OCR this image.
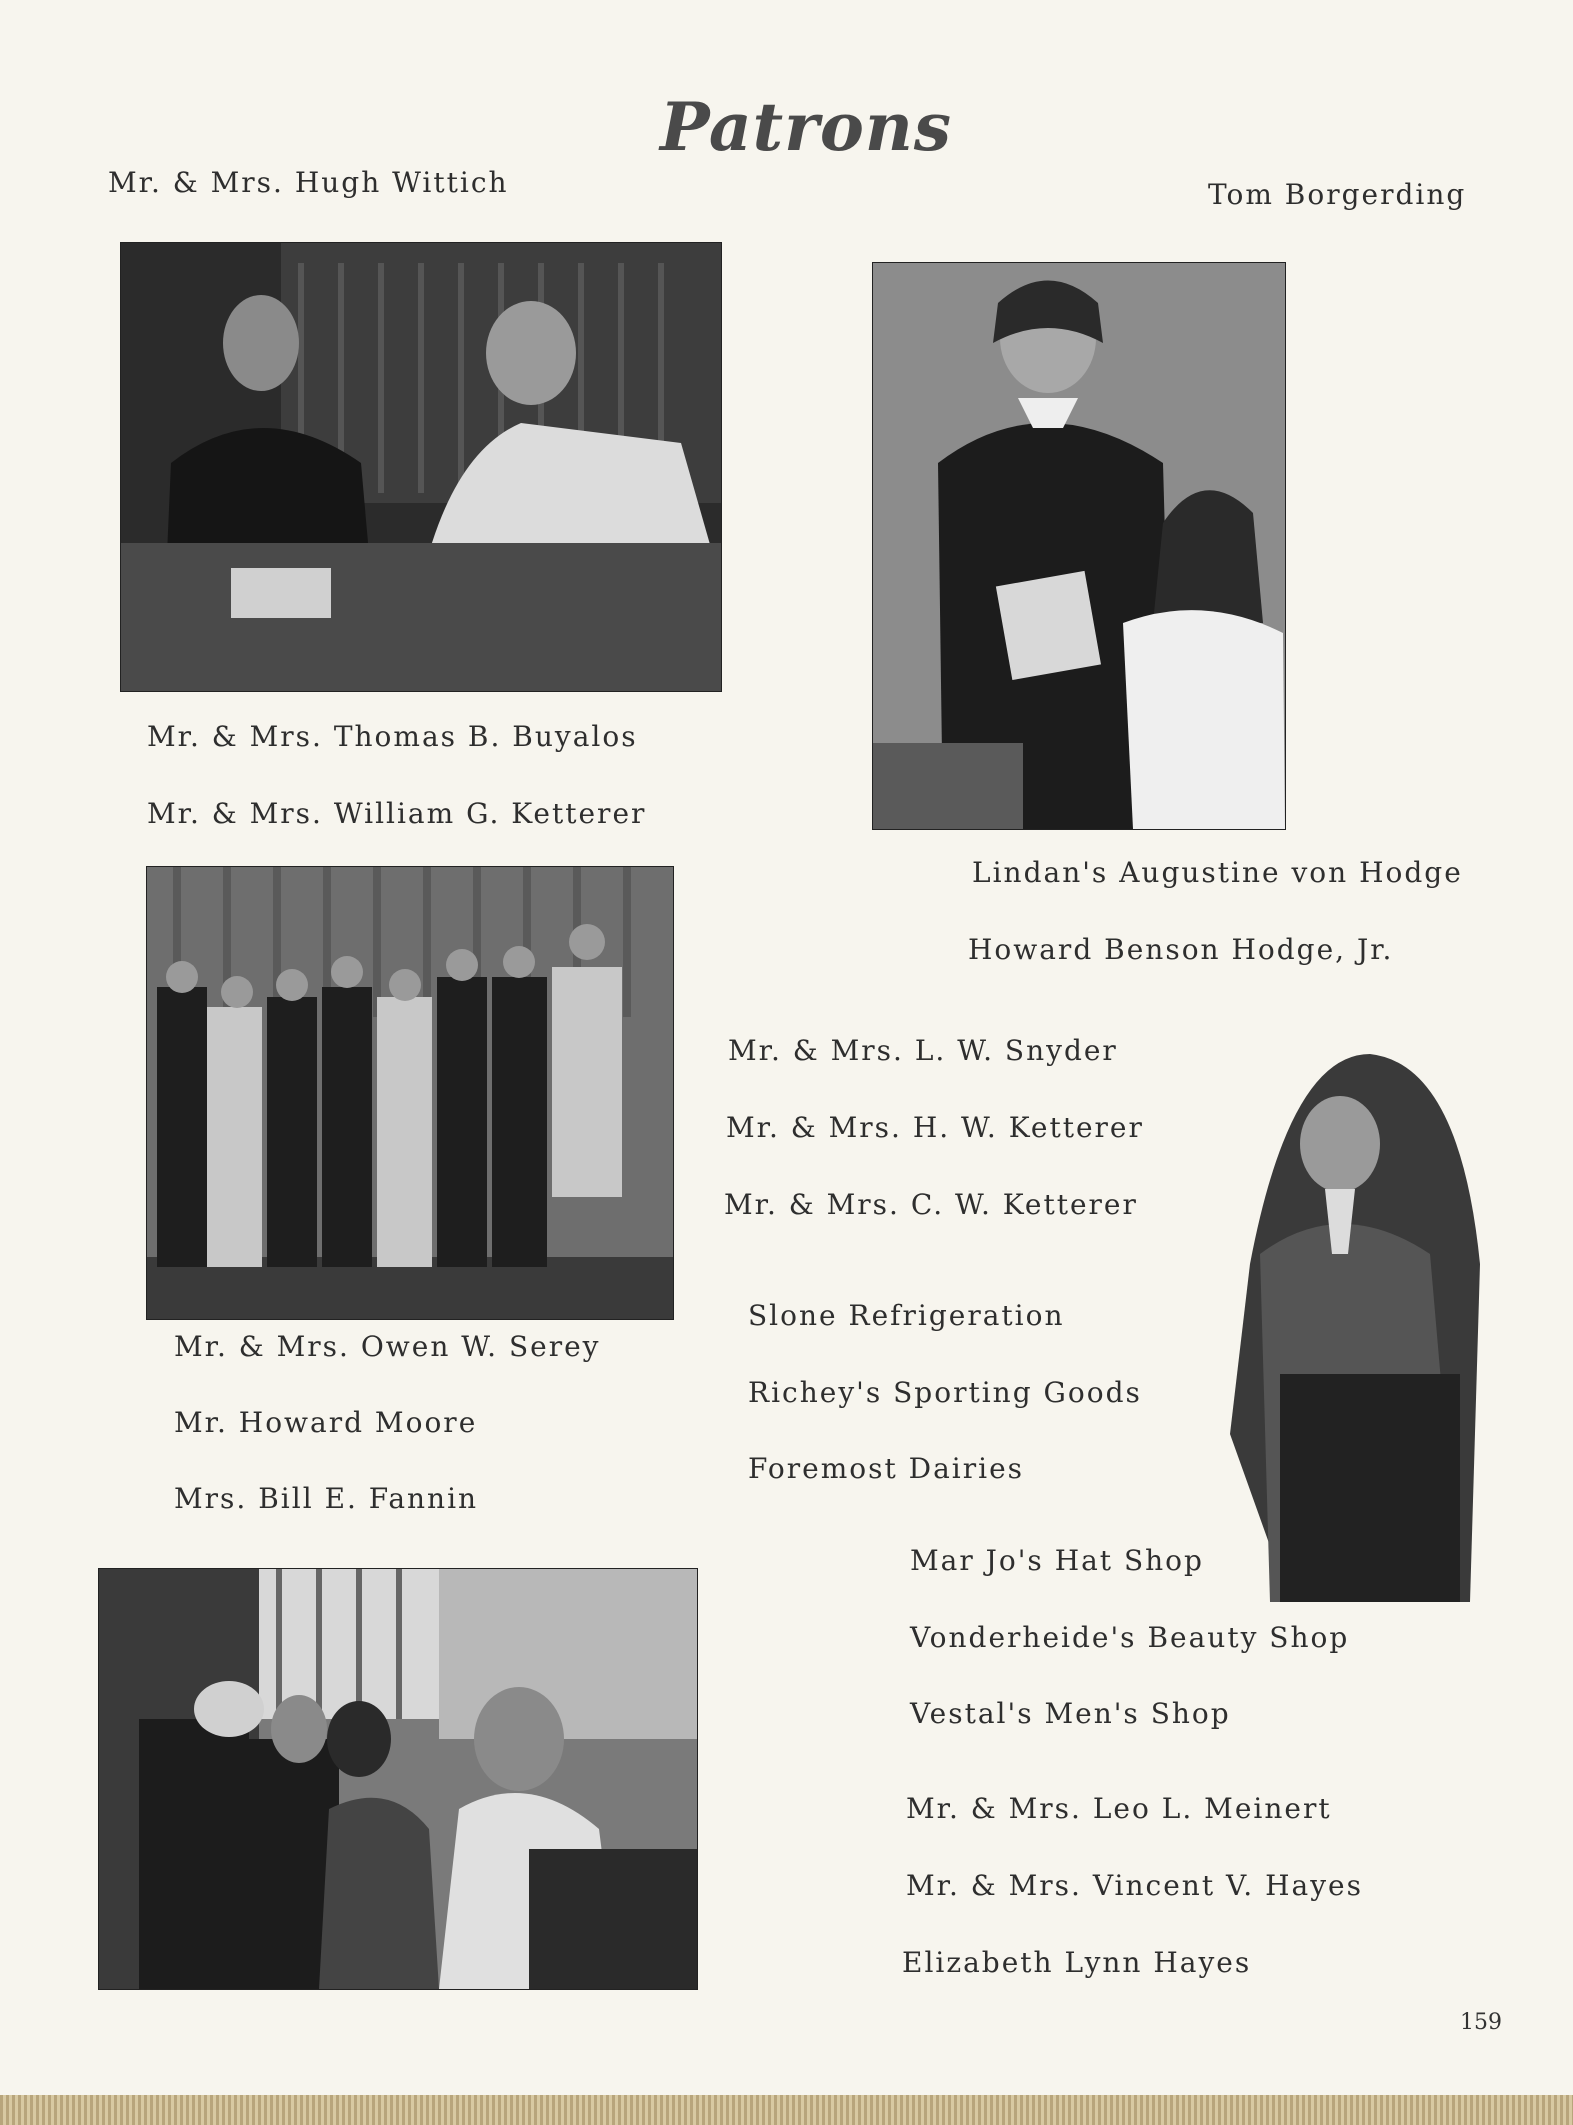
Patrons
Mr. & Mrs. Hugh Wittich	Tom Borgerding
Mr. & Mrs. Thomas B. Buyalos
Mr. & Mrs. William G. Ketterer
Lindan's Augustine von Hodge
Howard Benson Hodge, Jr.
Mr. & Mrs. L. W. Snyder
Mr. & Mrs. H. W. Ketterer
Mr. & Mrs. C. W. Ketterer
Mr. & Mrs. Owen W. Serey
Mr. Howard Moore
Mrs. Bill E. Fannin
Slone Refrigeration
Richey's Sporting Goods
Foremost Dairies
Mar Jo's Hat Shop
Vonderheide's Beauty Shop
Vestal's Men's Shop
Mr. & Mrs. Leo L. Meinert
Mr. & Mrs. Vincent V. Hayes
Elizabeth Lynn Hayes
159
